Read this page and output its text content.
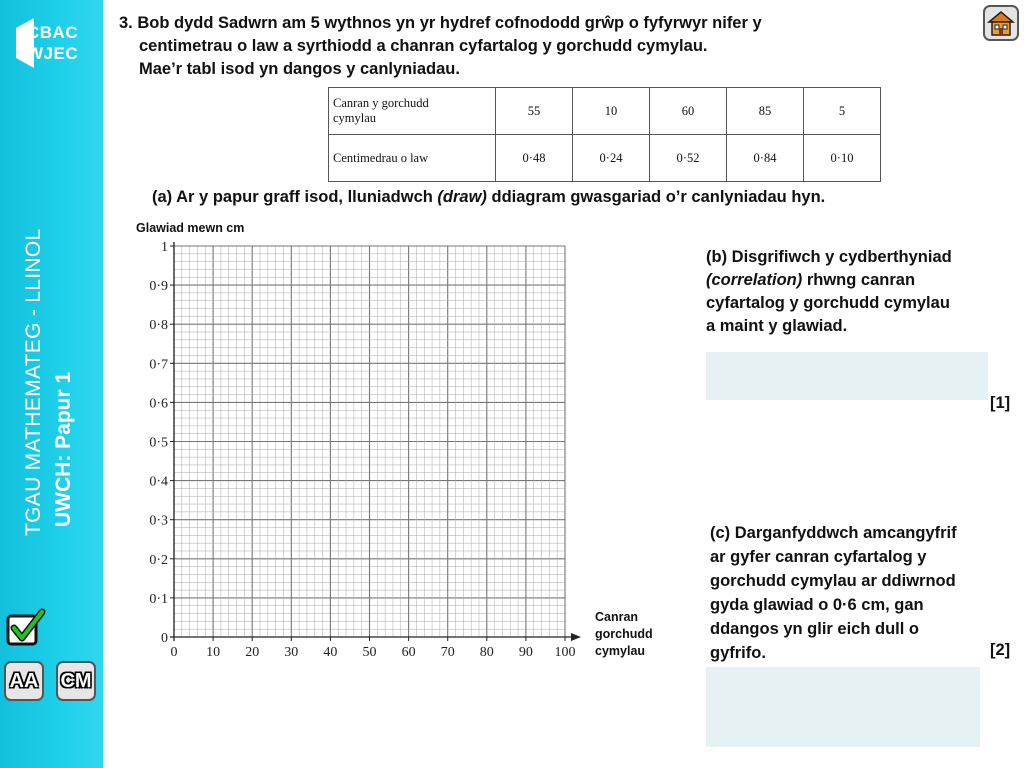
CBAC
WJEC
TGAU MATHEMATEG - LLINOL UWCH: Papur 1
AA CM
3. Bob dydd Sadwrn am 5 wythnos yn yr hydref cofnododd grŵp o fyfyrwyr nifer y
centimetrau o law a syrthiodd a chanran cyfartalog y gorchudd cymylau.
Mae’r tabl isod yn dangos y canlyniadau.
Canran y gorchudd
cymylau	55	10	60	85	5
Centimedrau o law	0·48	0·24	0·52	0·84	0·10
(a) Ar y papur graff isod, lluniadwch (draw) ddiagram gwasgariad o’r canlyniadau hyn.
Glawiad mewn cm
0 10 20 30 40 50 60 70 80 90 100
0
0·1
0·2
0·3
0·4
0·5
0·6
0·7
0·8
0·9
1
Canran
gorchudd
cymylau
(b) Disgrifiwch y cydberthyniad
(correlation) rhwng canran
cyfartalog y gorchudd cymylau
a maint y glawiad.
[1]
(c) Darganfyddwch amcangyfrif
ar gyfer canran cyfartalog y
gorchudd cymylau ar ddiwrnod
gyda glawiad o 0·6 cm, gan
ddangos yn glir eich dull o
gyfrifo.	[2]
